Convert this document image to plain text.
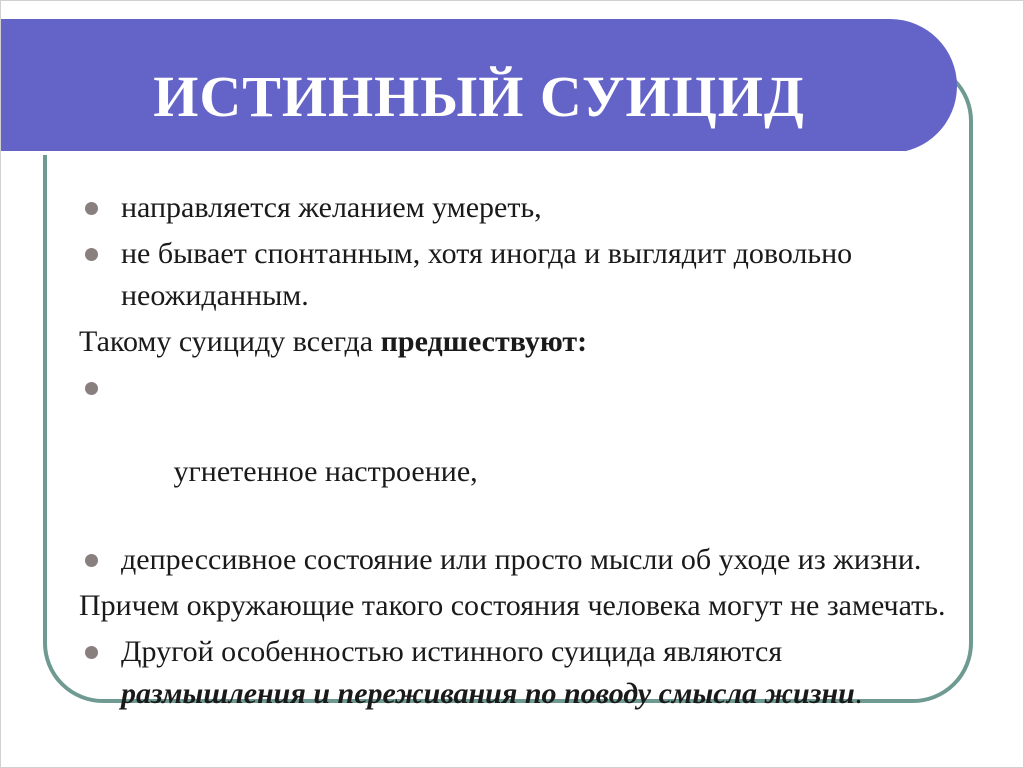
ИСТИННЫЙ СУИЦИД
направляется желанием умереть,
не бывает спонтанным, хотя иногда и выглядит довольно неожиданным.
Такому суициду всегда предшествуют:

угнетенное настроение,

депрессивное состояние или просто мысли об уходе из жизни.
Причем окружающие такого состояния человека могут не замечать.
Другой особенностью истинного суицида являются размышления и переживания по поводу смысла жизни.
